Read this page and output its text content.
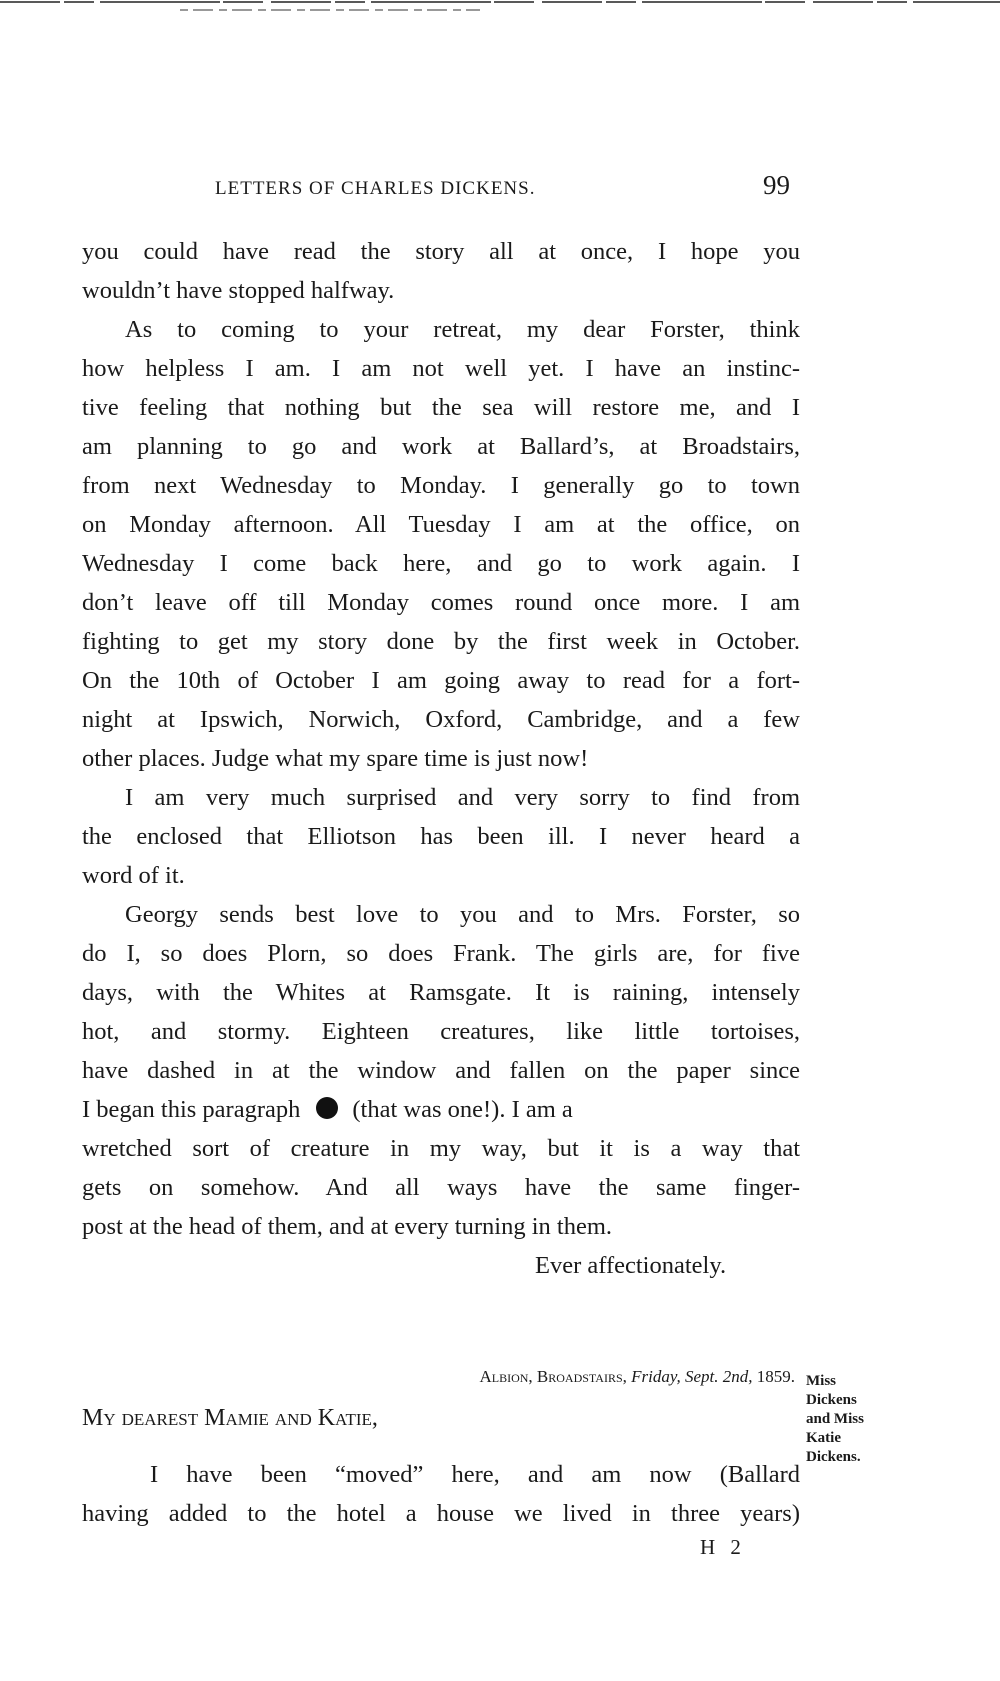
LETTERS OF CHARLES DICKENS.	99
you could have read the story all at once, I hope you
wouldn’t have stopped halfway.
As to coming to your retreat, my dear Forster, think
how helpless I am. I am not well yet. I have an instinc-
tive feeling that nothing but the sea will restore me, and I
am planning to go and work at Ballard’s, at Broadstairs,
from next Wednesday to Monday. I generally go to town
on Monday afternoon. All Tuesday I am at the office, on
Wednesday I come back here, and go to work again. I
don’t leave off till Monday comes round once more. I am
fighting to get my story done by the first week in October.
On the 10th of October I am going away to read for a fort-
night at Ipswich, Norwich, Oxford, Cambridge, and a few
other places. Judge what my spare time is just now!
I am very much surprised and very sorry to find from
the enclosed that Elliotson has been ill. I never heard a
word of it.
Georgy sends best love to you and to Mrs. Forster, so
do I, so does Plorn, so does Frank. The girls are, for five
days, with the Whites at Ramsgate. It is raining, intensely
hot, and stormy. Eighteen creatures, like little tortoises,
have dashed in at the window and fallen on the paper since
I began this paragraph (that was one!). I am a
wretched sort of creature in my way, but it is a way that
gets on somehow. And all ways have the same finger-
post at the head of them, and at every turning in them.
Ever affectionately.
Albion, Broadstairs, Friday, Sept. 2nd, 1859.
My dearest Mamie and Katie,
I have been “moved” here, and am now (Ballard
having added to the hotel a house we lived in three years)
Miss
Dickens
and Miss
Katie
Dickens.
H 2
